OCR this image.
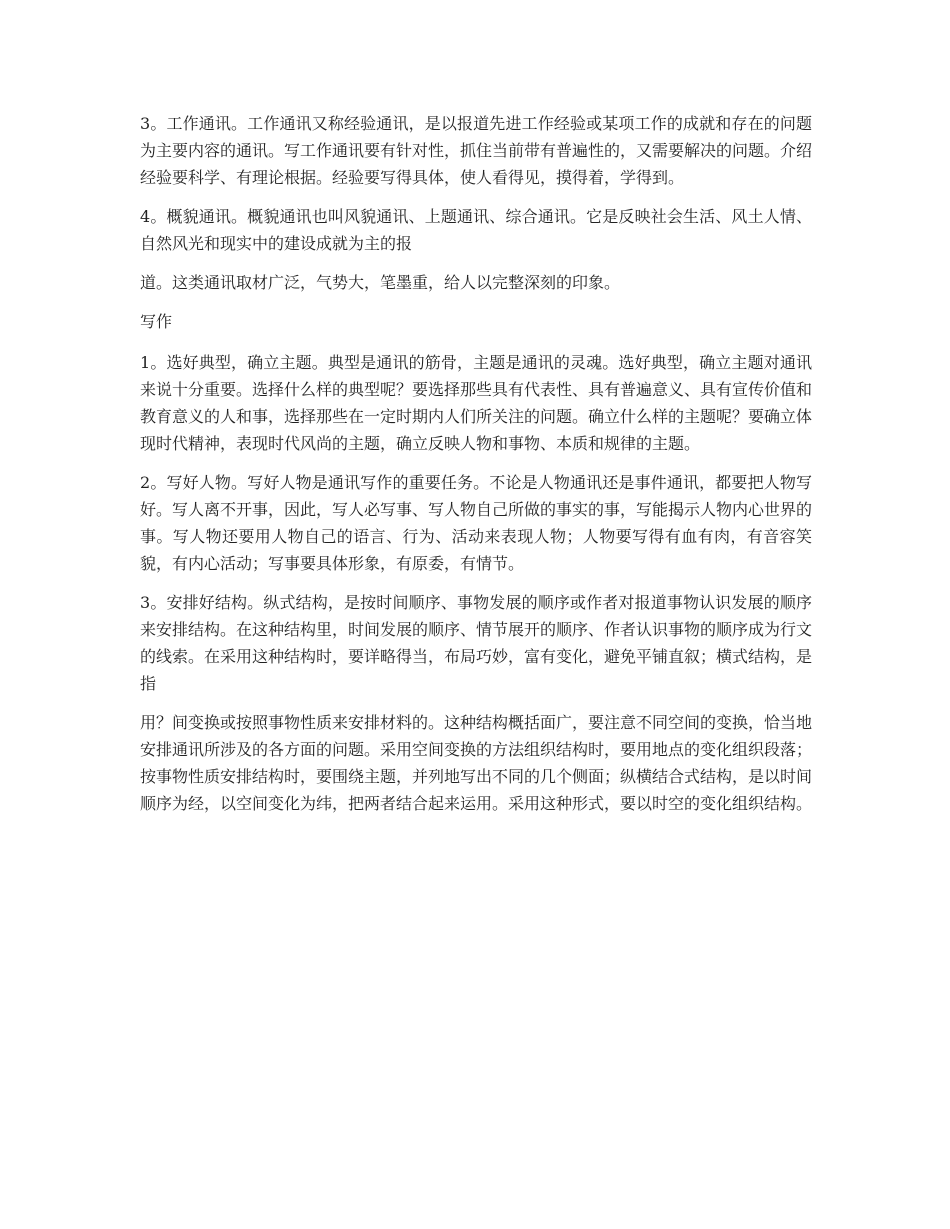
3。工作通讯。工作通讯又称经验通讯，是以报道先进工作经验或某项工作的成就和存在的问题为主要内容的通讯。写工作通讯要有针对性，抓住当前带有普遍性的，又需要解决的问题。介绍经验要科学、有理论根据。经验要写得具体，使人看得见，摸得着，学得到。

4。概貌通讯。概貌通讯也叫风貌通讯、上题通讯、综合通讯。它是反映社会生活、风土人情、自然风光和现实中的建设成就为主的报

道。这类通讯取材广泛，气势大，笔墨重，给人以完整深刻的印象。

写作

1。选好典型，确立主题。典型是通讯的筋骨，主题是通讯的灵魂。选好典型，确立主题对通讯来说十分重要。选择什么样的典型呢？要选择那些具有代表性、具有普遍意义、具有宣传价值和教育意义的人和事，选择那些在一定时期内人们所关注的问题。确立什么样的主题呢？要确立体现时代精神，表现时代风尚的主题，确立反映人物和事物、本质和规律的主题。

2。写好人物。写好人物是通讯写作的重要任务。不论是人物通讯还是事件通讯，都要把人物写好。写人离不开事，因此，写人必写事、写人物自己所做的事实的事，写能揭示人物内心世界的事。写人物还要用人物自己的语言、行为、活动来表现人物；人物要写得有血有肉，有音容笑貌，有内心活动；写事要具体形象，有原委，有情节。

3。安排好结构。纵式结构，是按时间顺序、事物发展的顺序或作者对报道事物认识发展的顺序来安排结构。在这种结构里，时间发展的顺序、情节展开的顺序、作者认识事物的顺序成为行文的线索。在采用这种结构时，要详略得当，布局巧妙，富有变化，避免平铺直叙；横式结构，是指

用？间变换或按照事物性质来安排材料的。这种结构概括面广，要注意不同空间的变换，恰当地安排通讯所涉及的各方面的问题。采用空间变换的方法组织结构时，要用地点的变化组织段落；按事物性质安排结构时，要围绕主题，并列地写出不同的几个侧面；纵横结合式结构，是以时间顺序为经，以空间变化为纬，把两者结合起来运用。采用这种形式，要以时空的变化组织结构。
